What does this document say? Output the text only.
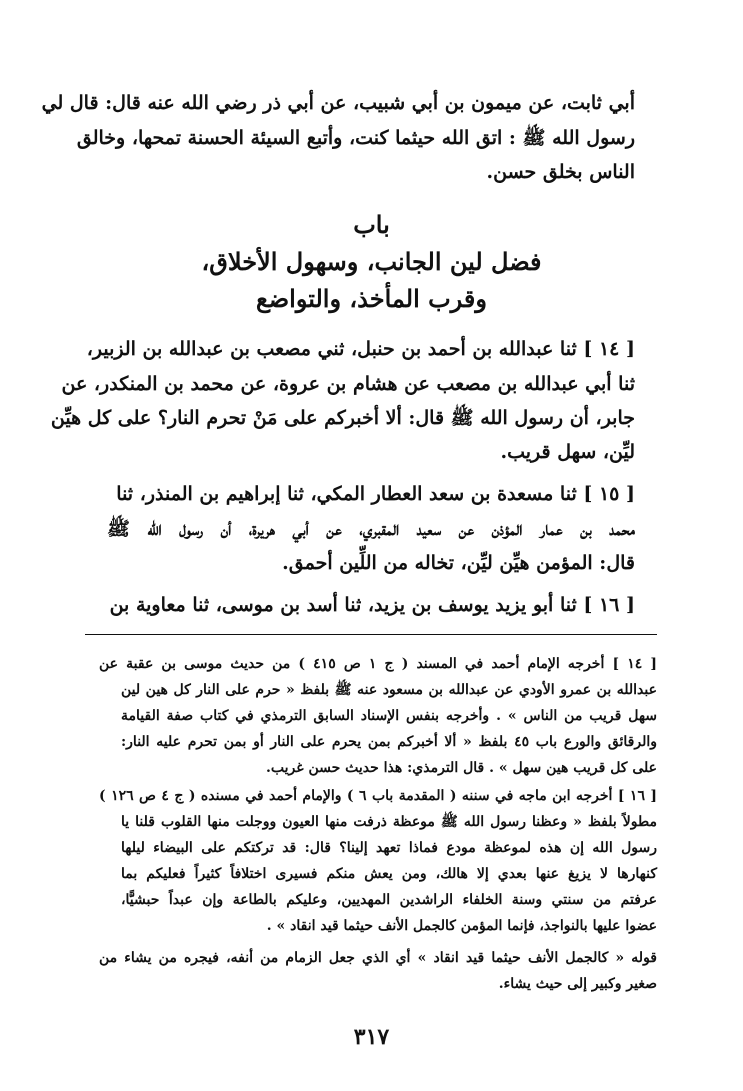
أبي ثابت، عن ميمون بن أبي شبيب، عن أبي ذر رضي الله عنه قال: قال لي
رسول الله ﷺ : اتق الله حيثما كنت، وأتبع السيئة الحسنة تمحها، وخالق
الناس بخلق حسن.
باب
فضل لين الجانب، وسهول الأخلاق،
وقرب المأخذ، والتواضع
[ ١٤ ] ثنا عبدالله بن أحمد بن حنبل، ثني مصعب بن عبدالله بن الزبير،
ثنا أبي عبدالله بن مصعب عن هشام بن عروة، عن محمد بن المنكدر، عن
جابر، أن رسول الله ﷺ قال: ألا أخبركم على مَنْ تحرم النار؟ على كل هيِّن
ليِّن، سهل قريب.
[ ١٥ ] ثنا مسعدة بن سعد العطار المكي، ثنا إبراهيم بن المنذر، ثنا
محمد بن عمار المؤذن عن سعيد المقبري، عن أبي هريرة، أن رسول الله ﷺ
قال: المؤمن هيِّن ليِّن، تخاله من اللِّين أحمق.
[ ١٦ ] ثنا أبو يزيد يوسف بن يزيد، ثنا أسد بن موسى، ثنا معاوية بن
[ ١٤ ] أخرجه الإمام أحمد في المسند ( ج ١ ص ٤١٥ ) من حديث موسى بن عقبة عن
عبدالله بن عمرو الأودي عن عبدالله بن مسعود عنه ﷺ بلفظ « حرم على النار كل هين لين
سهل قريب من الناس » . وأخرجه بنفس الإسناد السابق الترمذي في كتاب صفة القيامة
والرقائق والورع باب ٤٥ بلفظ « ألا أخبركم بمن يحرم على النار أو بمن تحرم عليه النار:
على كل قريب هين سهل » . قال الترمذي: هذا حديث حسن غريب.
[ ١٦ ] أخرجه ابن ماجه في سننه ( المقدمة باب ٦ ) والإمام أحمد في مسنده ( ج ٤ ص ١٢٦ )
مطولاً بلفظ « وعظنا رسول الله ﷺ موعظة ذرفت منها العيون ووجلت منها القلوب قلنا يا
رسول الله إن هذه لموعظة مودع فماذا تعهد إلينا؟ قال: قد تركتكم على البيضاء ليلها
كنهارها لا يزيغ عنها بعدي إلا هالك، ومن يعش منكم فسيرى اختلافاً كثيراً فعليكم بما
عرفتم من سنتي وسنة الخلفاء الراشدين المهديين، وعليكم بالطاعة وإن عبداً حبشيًّا،
عضوا عليها بالنواجذ، فإنما المؤمن كالجمل الأنف حيثما قيد انقاد » .
قوله « كالجمل الأنف حيثما قيد انقاد » أي الذي جعل الزمام من أنفه، فيجره من يشاء من
صغير وكبير إلى حيث يشاء.
٣١٧
